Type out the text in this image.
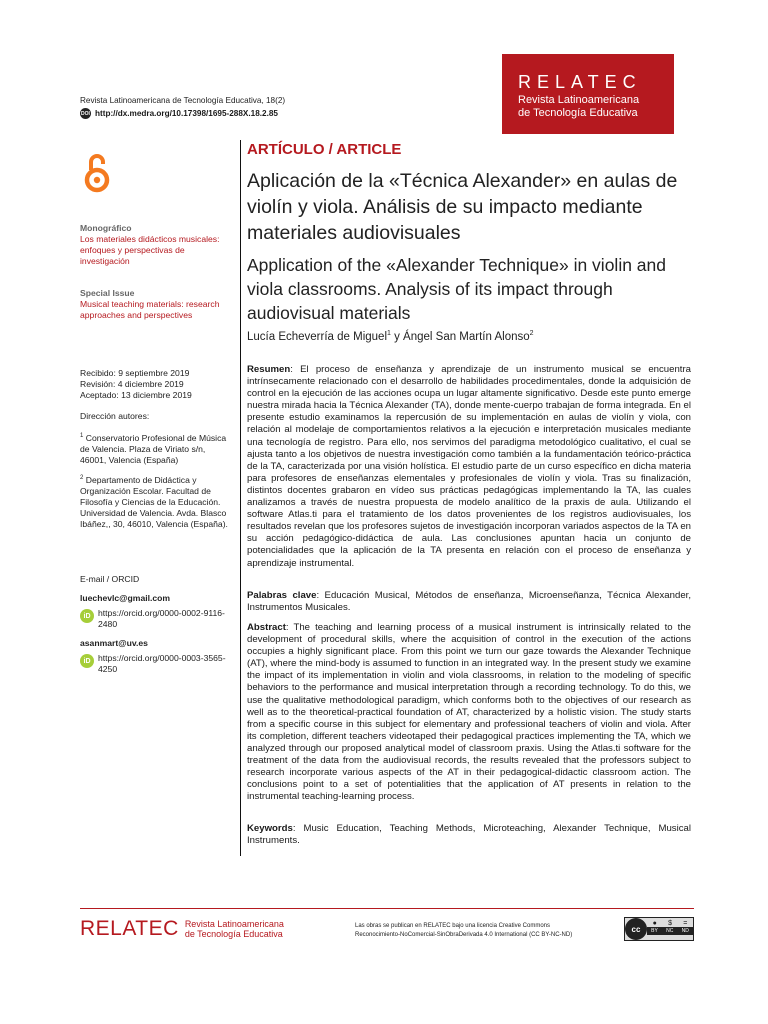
Revista Latinoamericana de Tecnología Educativa, 18(2)
DOI http://dx.medra.org/10.17398/1695-288X.18.2.85
RELATEC
Revista Latinoamericana
de Tecnología Educativa
Monográfico
Los materiales didácticos musicales: enfoques y perspectivas de investigación
Special Issue
Musical teaching materials: research approaches and perspectives
Recibido: 9 septiembre 2019
Revisión: 4 diciembre 2019
Aceptado: 13 diciembre 2019
Dirección autores:
$^1$ Conservatorio Profesional de Música de Valencia. Plaza de Viriato s/n, 46001, Valencia (España)
$^2$ Departamento de Didáctica y Organización Escolar. Facultad de Filosofía y Ciencias de la Educación. Universidad de Valencia. Avda. Blasco Ibáñez,, 30, 46010, Valencia (España).
E-mail / ORCID
luechevlc@gmail.com
iD https://orcid.org/0000-0002-9116-2480
asanmart@uv.es
iD https://orcid.org/0000-0003-3565-4250
ARTÍCULO / ARTICLE
Aplicación de la «Técnica Alexander» en aulas de violín y viola. Análisis de su impacto mediante materiales audiovisuales
Application of the «Alexander Technique» in violin and viola classrooms. Analysis of its impact through audiovisual materials
Lucía Echeverría de Miguel$^1$ y Ángel San Martín Alonso$^2$
Resumen: El proceso de enseñanza y aprendizaje de un instrumento musical se encuentra intrínsecamente relacionado con el desarrollo de habilidades procedimentales, donde la adquisición de control en la ejecución de las acciones ocupa un lugar altamente significativo. Desde este punto emerge nuestra mirada hacia la Técnica Alexander (TA), donde mente-cuerpo trabajan de forma integrada. En el presente estudio examinamos la repercusión de su implementación en aulas de violín y viola, con relación al modelaje de comportamientos relativos a la ejecución e interpretación musicales mediante una tecnología de registro. Para ello, nos servimos del paradigma metodológico cualitativo, el cual se ajusta tanto a los objetivos de nuestra investigación como también a la fundamentación teórico-práctica de la TA, caracterizada por una visión holística. El estudio parte de un curso específico en dicha materia para profesores de enseñanzas elementales y profesionales de violín y viola. Tras su finalización, distintos docentes grabaron en vídeo sus prácticas pedagógicas implementando la TA, las cuales analizamos a través de nuestra propuesta de modelo analítico de la praxis de aula. Utilizando el software Atlas.ti para el tratamiento de los datos provenientes de los registros audiovisuales, los resultados revelan que los profesores sujetos de investigación incorporan variados aspectos de la TA en su acción pedagógico-didáctica de aula. Las conclusiones apuntan hacia un conjunto de potencialidades que la aplicación de la TA presenta en relación con el proceso de enseñanza y aprendizaje instrumental.
Palabras clave: Educación Musical, Métodos de enseñanza, Microenseñanza, Técnica Alexander, Instrumentos Musicales.
Abstract: The teaching and learning process of a musical instrument is intrinsically related to the development of procedural skills, where the acquisition of control in the execution of the actions occupies a highly significant place. From this point we turn our gaze towards the Alexander Technique (AT), where the mind-body is assumed to function in an integrated way. In the present study we examine the impact of its implementation in violin and viola classrooms, in relation to the modeling of specific behaviors to the performance and musical interpretation through a recording technology. To do this, we use the qualitative methodological paradigm, which conforms both to the objectives of our research as well as to the theoretical-practical foundation of AT, characterized by a holistic vision. The study starts from a specific course in this subject for elementary and professional teachers of violin and viola. After its completion, different teachers videotaped their pedagogical practices implementing the TA, which we analyzed through our proposed analytical model of classroom praxis. Using the Atlas.ti software for the treatment of the data from the audiovisual records, the results revealed that the professors subject to research incorporate various aspects of the AT in their pedagogical-didactic classroom action. The conclusions point to a set of potentialities that the application of AT presents in relation to the instrumental teaching-learning process.
Keywords: Music Education, Teaching Methods, Microteaching, Alexander Technique, Musical Instruments.
RELATEC Revista Latinoamericana
de Tecnología Educativa
Las obras se publican en RELATEC bajo una licencia Creative Commons
Reconocimiento-NoComercial-SinObraDerivada 4.0 International (CC BY-NC-ND)
cc
● $ =
BY NC ND
